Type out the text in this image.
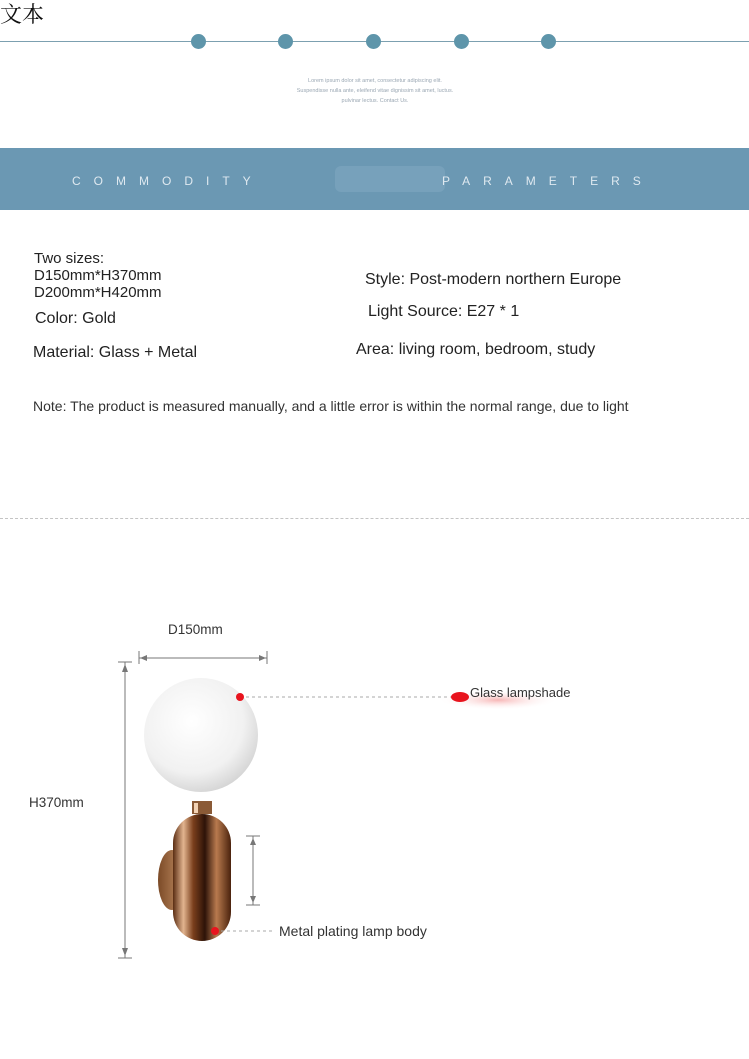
文本
Lorem ipsum dolor sit amet, consectetur adipiscing elit.
Suspendisse nulla ante, eleifend vitae dignissim sit amet, luctus.
pulvinar lectus. Contact Us.
COMMODITY	PARAMETERS
Two sizes:
D150mm*H370mm
D200mm*H420mm
Color: Gold
Material: Glass + Metal
Style: Post-modern northern Europe
Light Source: E27 * 1
Area: living room, bedroom, study
Note: The product is measured manually, and a little error is within the normal range, due to light
D150mm
H370mm
Glass lampshade
Metal plating lamp body
